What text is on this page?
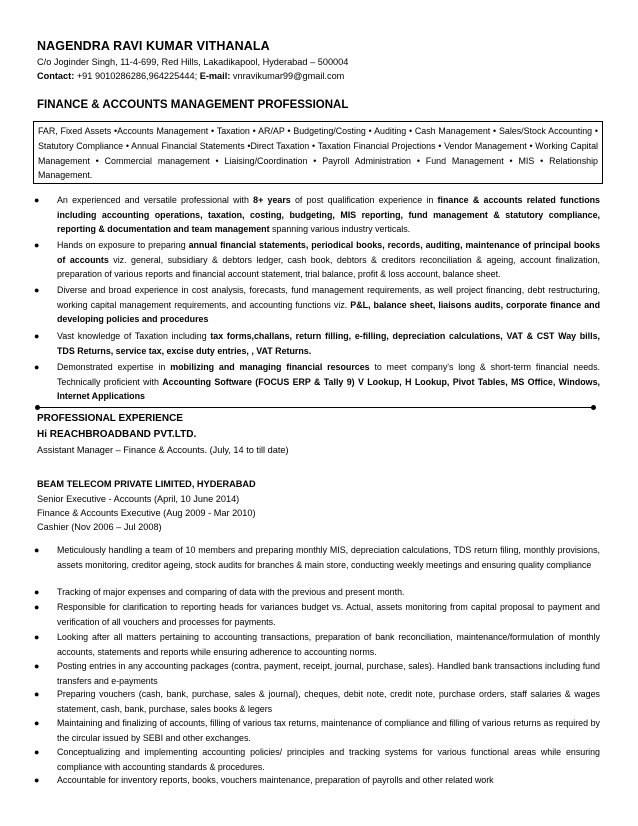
NAGENDRA RAVI KUMAR VITHANALA
C/o Joginder Singh, 11-4-699, Red Hills, Lakadikapool, Hyderabad – 500004
Contact: +91 9010286286,964225444; E-mail: vnravikumar99@gmail.com
FINANCE & ACCOUNTS MANAGEMENT PROFESSIONAL
FAR, Fixed Assets •Accounts Management • Taxation • AR/AP • Budgeting/Costing • Auditing • Cash Management • Sales/Stock Accounting • Statutory Compliance • Annual Financial Statements •Direct Taxation • Taxation Financial Projections • Vendor Management • Working Capital Management • Commercial management • Liaising/Coordination • Payroll Administration • Fund Management • MIS • Relationship Management.
● An experienced and versatile professional with 8+ years of post qualification experience in finance & accounts related functions including accounting operations, taxation, costing, budgeting, MIS reporting, fund management & statutory compliance, reporting & documentation and team management spanning various industry verticals.
● Hands on exposure to preparing annual financial statements, periodical books, records, auditing, maintenance of principal books of accounts viz. general, subsidiary & debtors ledger, cash book, debtors & creditors reconciliation & ageing, account finalization, preparation of various reports and financial account statement, trial balance, profit & loss account, balance sheet.
● Diverse and broad experience in cost analysis, forecasts, fund management requirements, as well project financing, debt restructuring, working capital management requirements, and accounting functions viz. P&L, balance sheet, liaisons audits, corporate finance and developing policies and procedures
● Vast knowledge of Taxation including tax forms,challans, return filling, e-filling, depreciation calculations, VAT & CST Way bills, TDS Returns, service tax, excise duty entries, , VAT Returns.
● Demonstrated expertise in mobilizing and managing financial resources to meet company's long & short-term financial needs. Technically proficient with Accounting Software (FOCUS ERP & Tally 9) V Lookup, H Lookup, Pivot Tables, MS Office, Windows, Internet Applications
PROFESSIONAL EXPERIENCE
Hi REACHBROADBAND PVT.LTD.
Assistant Manager – Finance & Accounts. (July, 14 to till date)
BEAM TELECOM PRIVATE LIMITED, HYDERABAD
Senior Executive - Accounts (April, 10 June 2014)
Finance & Accounts Executive (Aug 2009 - Mar 2010)
Cashier (Nov 2006 – Jul 2008)
● Meticulously handling a team of 10 members and preparing monthly MIS, depreciation calculations, TDS return filing, monthly provisions, assets monitoring, creditor ageing, stock audits for branches & main store, conducting weekly meetings and ensuring quality compliance
● Tracking of major expenses and comparing of data with the previous and present month.
● Responsible for clarification to reporting heads for variances budget vs. Actual, assets monitoring from capital proposal to payment and verification of all vouchers and processes for payments.
● Looking after all matters pertaining to accounting transactions, preparation of bank reconciliation, maintenance/formulation of monthly accounts, statements and reports while ensuring adherence to accounting norms.
● Posting entries in any accounting packages (contra, payment, receipt, journal, purchase, sales). Handled bank transactions including fund transfers and e-payments
● Preparing vouchers (cash, bank, purchase, sales & journal), cheques, debit note, credit note, purchase orders, staff salaries & wages statement, cash, bank, purchase, sales books & legers
● Maintaining and finalizing of accounts, filling of various tax returns, maintenance of compliance and filling of various returns as required by the circular issued by SEBI and other exchanges.
● Conceptualizing and implementing accounting policies/ principles and tracking systems for various functional areas while ensuring compliance with accounting standards & procedures.
● Accountable for inventory reports, books, vouchers maintenance, preparation of payrolls and other related work
